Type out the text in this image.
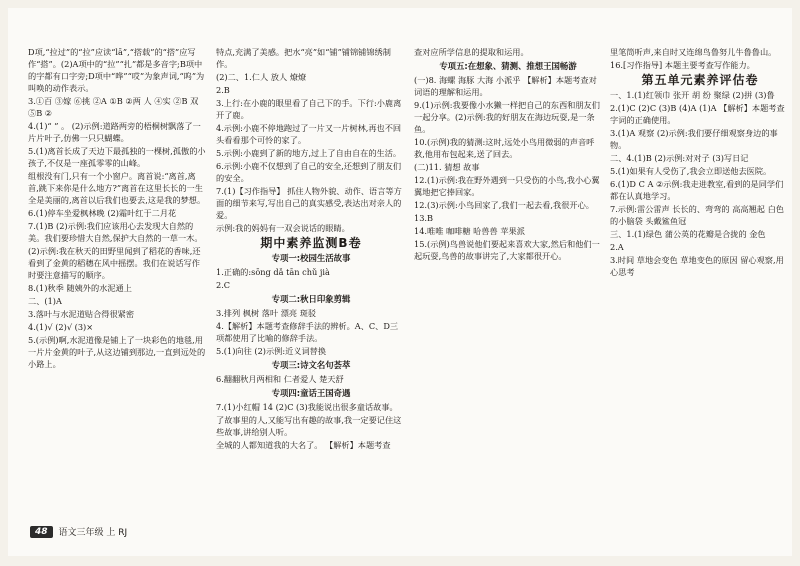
D项,“拉过”的“拉”应读“lā”,“搭载”的“搭”应写作“搭”。(2)A项中的“拉”“扎”都是多音字;B项中的字都有口字旁;D项中“哗”“哎”为象声词,“呜”为叫唤的动作表示。

3.①百 ③嫁 ⑥挑 ②A ①B ②两 人 ④实 ②B 双 ⑤B ②

4.(1)“ ” 。 (2)示例:道路两旁的梧桐树飘落了一片片叶子,仿佛一只只蝴蝶。

5.(1)离首长成了天边下最孤独的一棵树,孤傲的小孩子,不仅是一座孤零零的山峰。

组根没有门,只有一个小窗户。离首说:“离首,离首,跳下来你是什么地方?”离首在这里长长的一生全是美丽的,离首以后我们也要去,这是我的梦想。

6.(1)停车坐爱枫林晚 (2)霜叶红于二月花

7.(1)B (2)示例:我们应该用心去发现大自然的美。我们要珍惜大自然,保护大自然的一草一木。

(2)示例:我在秋天的田野里闻到了稻花的香味,还看到了金黄的稻穗在风中摇摆。我们在说话写作时要注意描写的顺序。

8.(1)秋季 随姨外的水泥通上

二、(1)A

3.落叶与水泥道贴合得很紧密

4.(1)√ (2)√ (3)×

5.(示例)啊,水泥道像是铺上了一块彩色的地毯,用一片片金黄的叶子,从这边铺到那边,一直到远处的小路上。

特点,充满了美感。把水“亮”如“铺”铺锦铺锦绣制作。

(2)二、1.仁人 放人 燎燎

2.B

3.上行:在小鹿的眼里看了自己下的手。下行:小鹿离开了鹿。

4.示例:小鹿不停地跑过了一片又一片树林,再也不回头看看那个可怜的家了。

5.示例:小鹿到了新的地方,过上了自由自在的生活。

6.示例:小鹿不仅想到了自己的安全,还想到了朋友们的安全。

7.(1)【习作指导】 抓住人物外貌、动作、语言等方面的细节来写,写出自己的真实感受,表达出对亲人的爱。

示例:我的妈妈有一双会说话的眼睛。

期中素养监测B卷
专项一:校园生活故事

1.正确的:sōng dǎ tān chǔ jià

2.C

专项二:秋日印象剪辑

3.排列 枫树 落叶 漂亮 斑驳

4.【解析】本题考查修辞手法的辨析。A、C、D三项都使用了比喻的修辞手法。

5.(1)向往 (2)示例:近义词替换

专项三:诗文名句荟萃

6.翻翻秋月两相和 仁者爱人 楚天舒

专项四:童话王国奇遇

7.(1)小红帽 14 (2)C (3)我能说出很多童话故事。

了故事里的人,又能写出有趣的故事,我一定要记住这些故事,讲给别人听。

全城的人都知道我的大名了。 【解析】本题考查

查对应所学信息的提取和运用。

专项五:在想象、猜测、推想王国畅游

(一)8. 海螺 海豚 大海 小派乎 【解析】本题考查对词语的理解和运用。

9.(1)示例:我要像小水獭一样把自己的东西和朋友们一起分享。(2)示例:我的好朋友在海边玩耍,是一条鱼。

10.(示例)我的猜测:这时,远处小鸟用微弱的声音呼救,他用布包起来,送了回去。

(二)11. 猜想 故事

12.(1)示例:我在野外遇到一只受伤的小鸟,我小心翼翼地把它捧回家。

12.(3)示例:小鸟回家了,我们一起去看,我很开心。

13.B

14.唯唯 咖啡糖 哈兽兽 苹果派

15.(示例)鸟兽说他们要起来喜欢大家,然后和他们一起玩耍,鸟兽的故事讲完了,大家都很开心。

里笔筒听声,来自时又连绵鸟鲁努儿牛鲁鲁山。

16.[习作指导] 本题主要考查写作能力。

第五单元素养评估卷

一、1.(1)红领巾 张开 胡 纷 聚绿 (2)拼 (3)鲁

2.(1)C (2)C (3)B (4)A (1)A 【解析】本题考查字词的正确使用。

3.(1)A 观察 (2)示例:我们要仔细观察身边的事物。

二、4.(1)B (2)示例:对对子 (3)写日记

5.(1)如果有人受伤了,我会立即送他去医院。

6.(1)D C A ②示例:我走进教室,看到的是同学们都在认真地学习。

7.示例:雷公雷声 长长的、弯弯的 高高翘起 白色的小脑袋 头戴鲨鱼冠

三、1.(1)绿色 蒲公英的花瓣是合拢的 金色

2.A

3.时间 草地会变色 草地变色的原因 留心观察,用心思考

48	语文三年级 上 RJ
